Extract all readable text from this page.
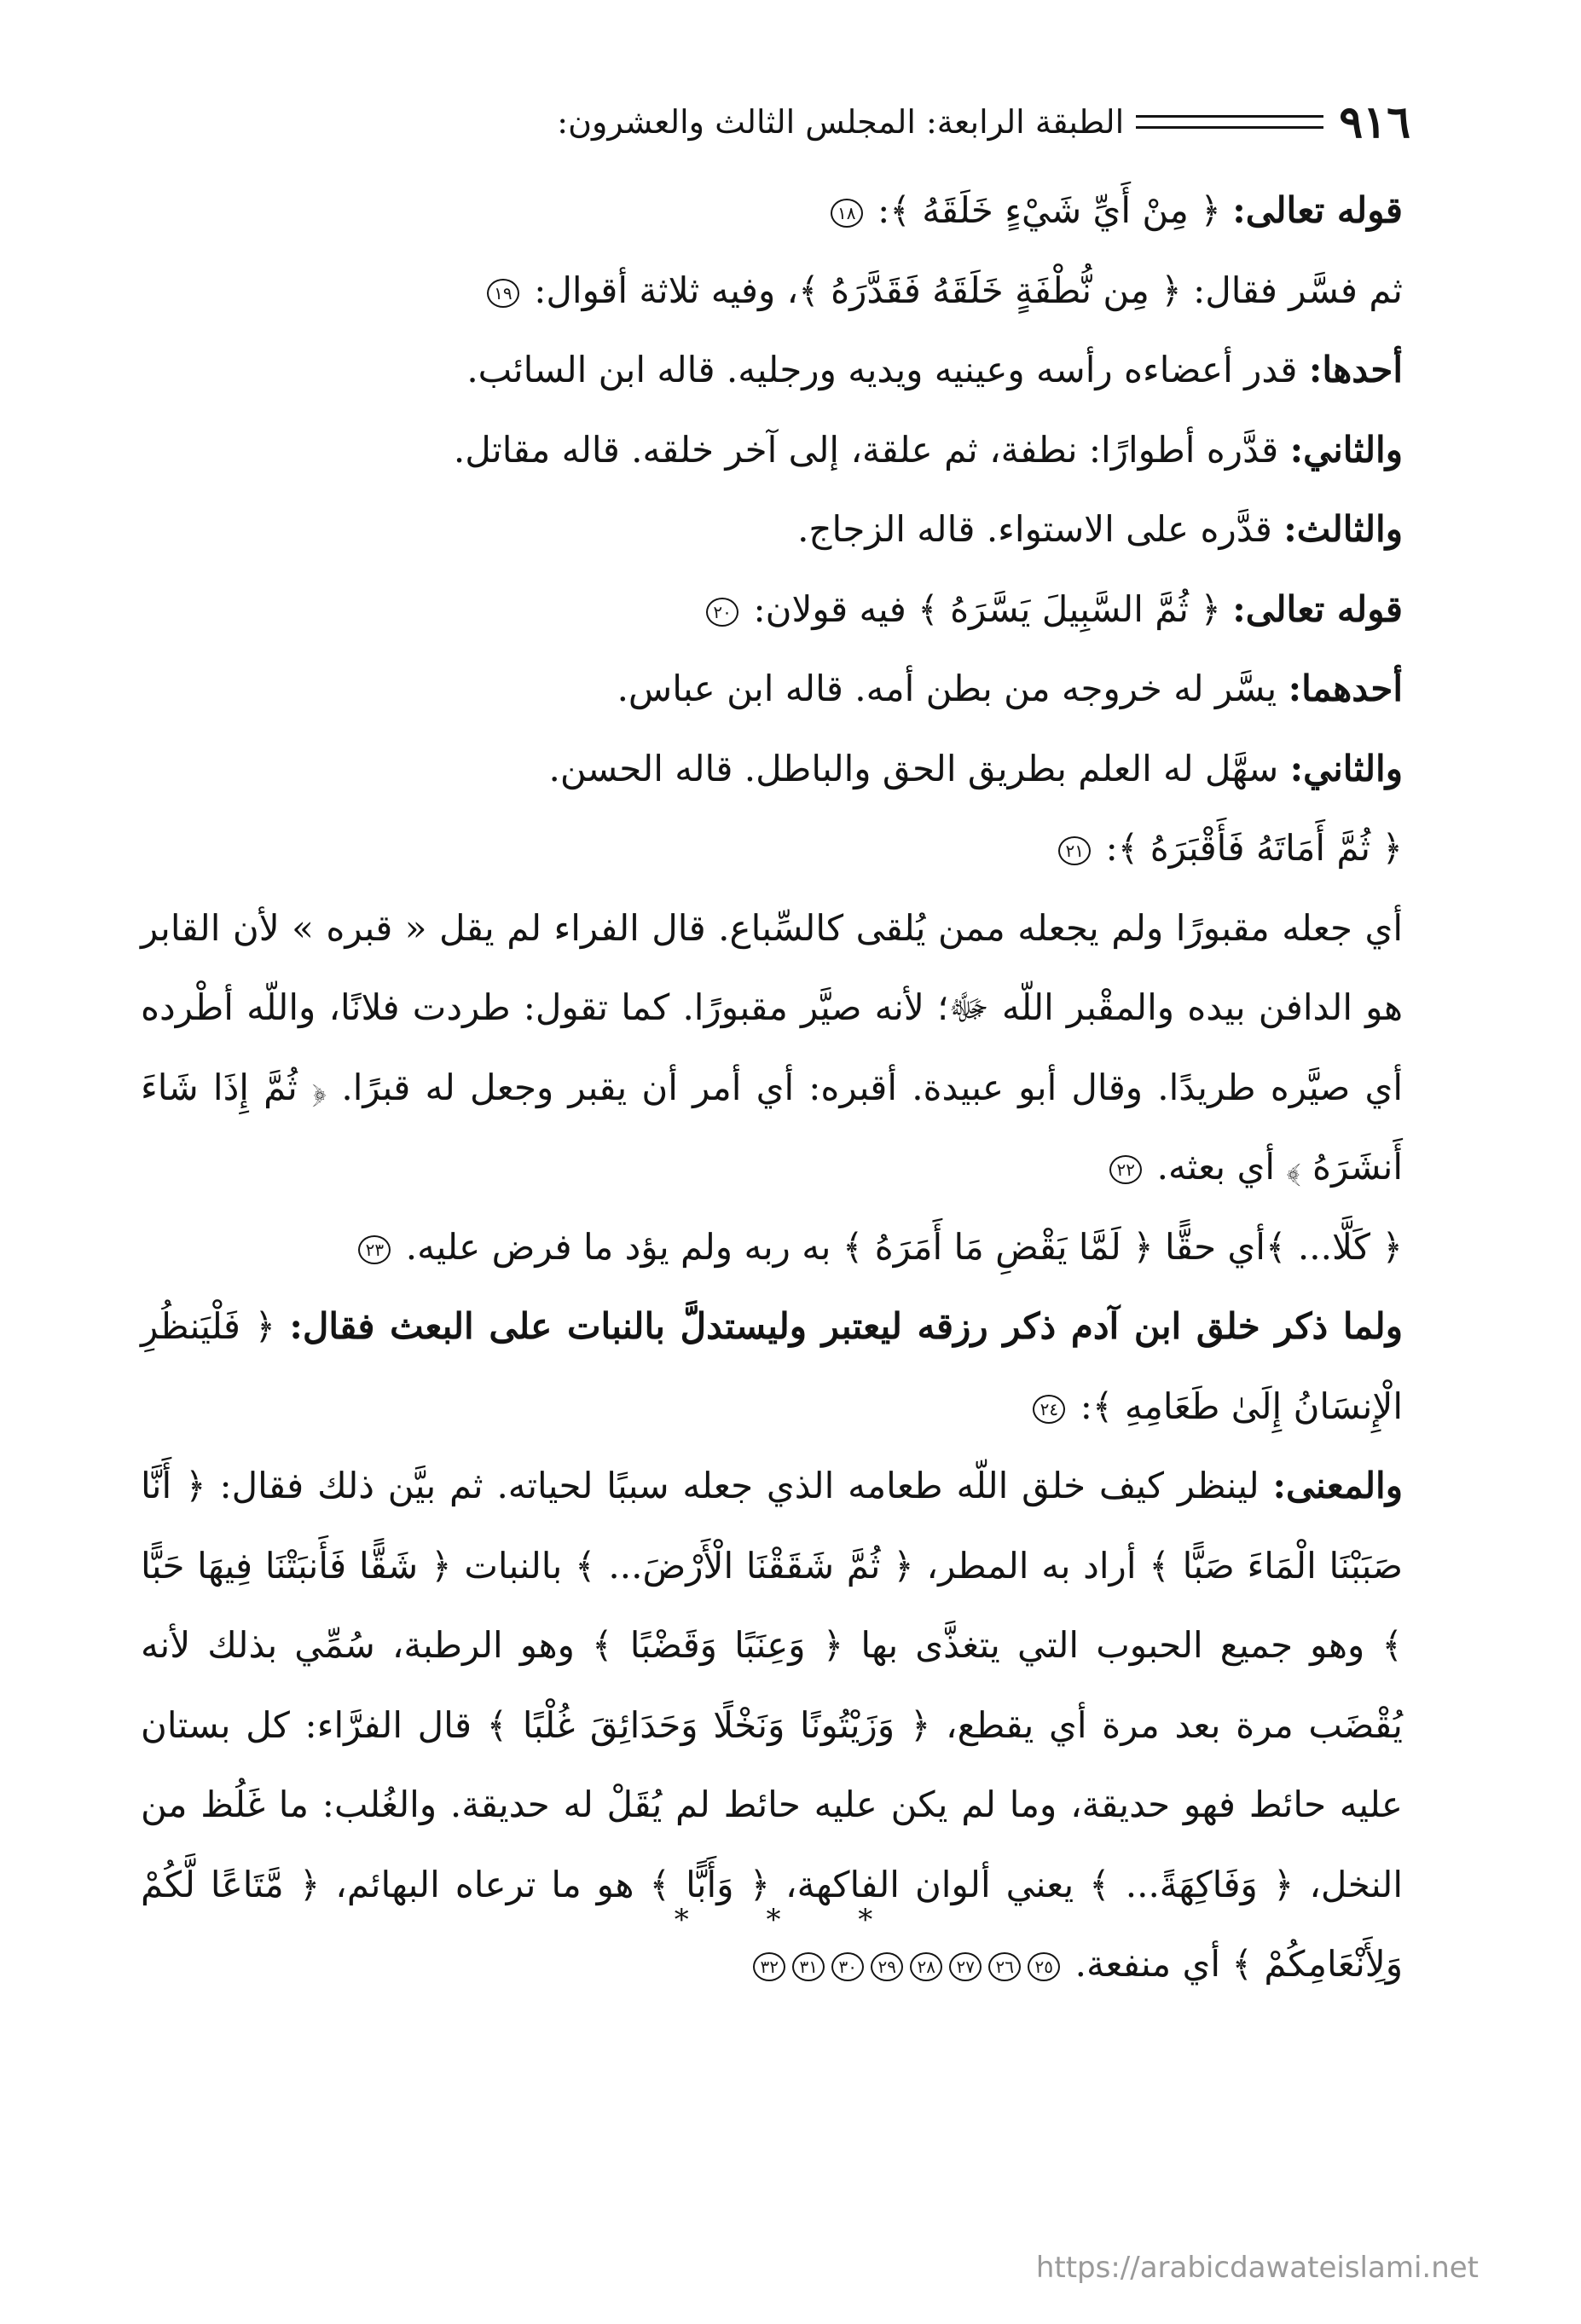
٩١٦
الطبقة الرابعة: المجلس الثالث والعشرون:

قوله تعالى: ﴿ مِنْ أَيِّ شَيْءٍ خَلَقَهُ ﴾: ١٨

ثم فسَّر فقال: ﴿ مِن نُّطْفَةٍ خَلَقَهُ فَقَدَّرَهُ ﴾، وفيه ثلاثة أقوال: ١٩

أحدها: قدر أعضاءه رأسه وعينيه ويديه ورجليه. قاله ابن السائب.

والثاني: قدَّره أطوارًا: نطفة، ثم علقة، إلى آخر خلقه. قاله مقاتل.

والثالث: قدَّره على الاستواء. قاله الزجاج.

قوله تعالى: ﴿ ثُمَّ السَّبِيلَ يَسَّرَهُ ﴾ فيه قولان: ٢٠

أحدهما: يسَّر له خروجه من بطن أمه. قاله ابن عباس.

والثاني: سهَّل له العلم بطريق الحق والباطل. قاله الحسن.

﴿ ثُمَّ أَمَاتَهُ فَأَقْبَرَهُ ﴾: ٢١

أي جعله مقبورًا ولم يجعله ممن يُلقى كالسِّباع. قال الفراء لم يقل « قبره » لأن القابر هو الدافن بيده والمقْبر اللّه ﷻ؛ لأنه صيَّر مقبورًا. كما تقول: طردت فلانًا، واللّه أطْرده أي صيَّره طريدًا. وقال أبو عبيدة. أقبره: أي أمر أن يقبر وجعل له قبرًا. ﴿ ثُمَّ إِذَا شَاءَ أَنشَرَهُ ﴾ أي بعثه. ٢٢

﴿ كَلَّا... ﴾أي حقًّا ﴿ لَمَّا يَقْضِ مَا أَمَرَهُ ﴾ به ربه ولم يؤد ما فرض عليه. ٢٣

ولما ذكر خلق ابن آدم ذكر رزقه ليعتبر وليستدلَّ بالنبات على البعث فقال: ﴿ فَلْيَنظُرِ الْإِنسَانُ إِلَىٰ طَعَامِهِ ﴾: ٢٤

والمعنى: لينظر كيف خلق اللّه طعامه الذي جعله سببًا لحياته. ثم بيَّن ذلك فقال: ﴿ أَنَّا صَبَبْنَا الْمَاءَ صَبًّا ﴾ أراد به المطر، ﴿ ثُمَّ شَقَقْنَا الْأَرْضَ... ﴾ بالنبات ﴿ شَقًّا فَأَنبَتْنَا فِيهَا حَبًّا ﴾ وهو جميع الحبوب التي يتغذَّى بها ﴿ وَعِنَبًا وَقَضْبًا ﴾ وهو الرطبة، سُمِّي بذلك لأنه يُقْضَب مرة بعد مرة أي يقطع، ﴿ وَزَيْتُونًا وَنَخْلًا وَحَدَائِقَ غُلْبًا ﴾ قال الفرَّاء: كل بستان عليه حائط فهو حديقة، وما لم يكن عليه حائط لم يُقَلْ له حديقة. والغُلب: ما غَلُظ من النخل، ﴿ وَفَاكِهَةً... ﴾ يعني ألوان الفاكهة، ﴿ وَأَبًّا ﴾ هو ما ترعاه البهائم، ﴿ مَّتَاعًا لَّكُمْ وَلِأَنْعَامِكُمْ ﴾ أي منفعة. ٢٥٢٦٢٧٢٨٢٩٣٠٣١٣٢

* * *
https://arabicdawateislami.net
